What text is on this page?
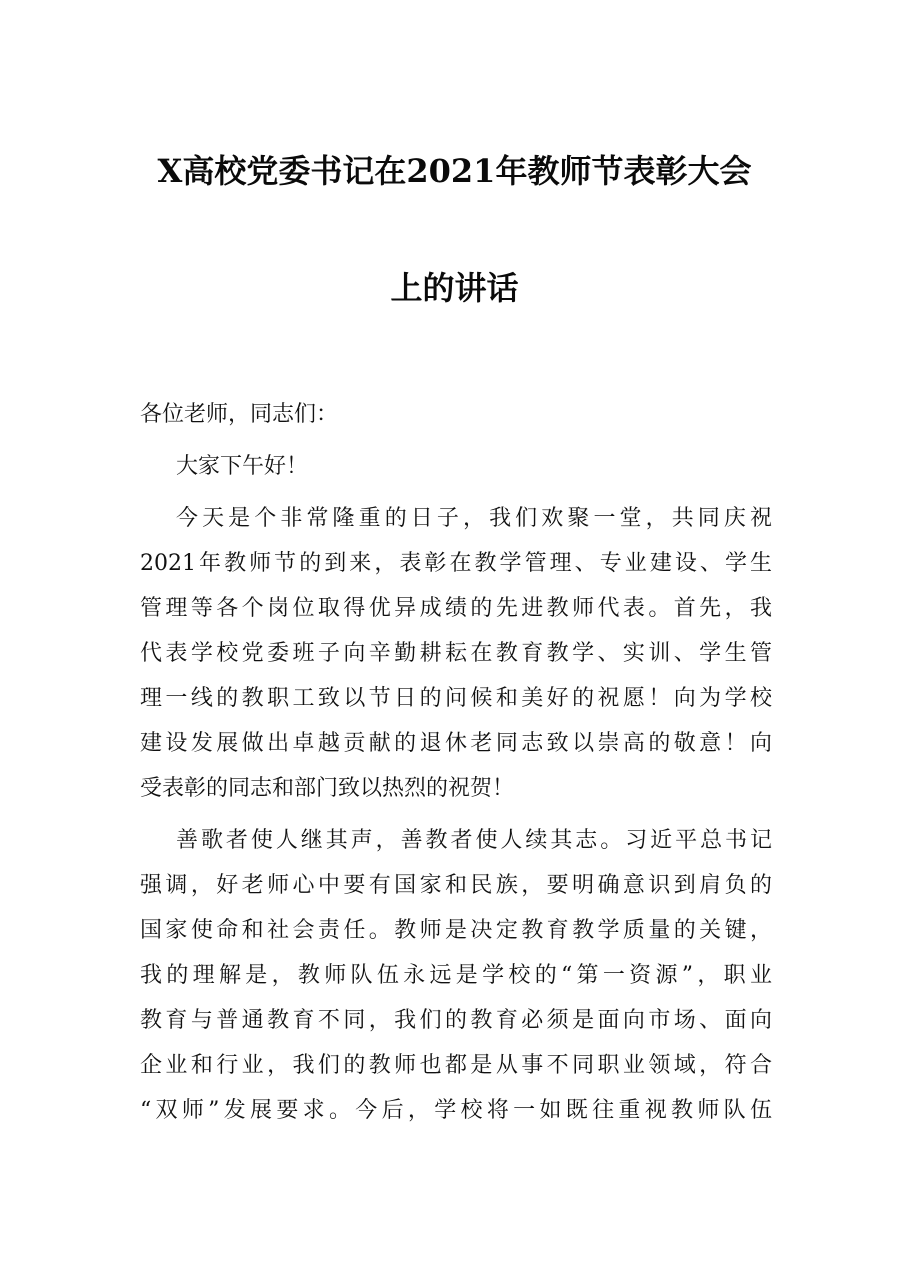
X高校党委书记在2021年教师节表彰大会
上的讲话
各位老师，同志们：
大家下午好！
今天是个非常隆重的日子，我们欢聚一堂，共同庆祝
2021年教师节的到来，表彰在教学管理、专业建设、学生
管理等各个岗位取得优异成绩的先进教师代表。首先，我
代表学校党委班子向辛勤耕耘在教育教学、实训、学生管
理一线的教职工致以节日的问候和美好的祝愿！向为学校
建设发展做出卓越贡献的退休老同志致以崇高的敬意！向
受表彰的同志和部门致以热烈的祝贺！
善歌者使人继其声，善教者使人续其志。习近平总书记
强调，好老师心中要有国家和民族，要明确意识到肩负的
国家使命和社会责任。教师是决定教育教学质量的关键，
我的理解是，教师队伍永远是学校的“第一资源”，职业
教育与普通教育不同，我们的教育必须是面向市场、面向
企业和行业，我们的教师也都是从事不同职业领域，符合
“双师”发展要求。今后，学校将一如既往重视教师队伍
